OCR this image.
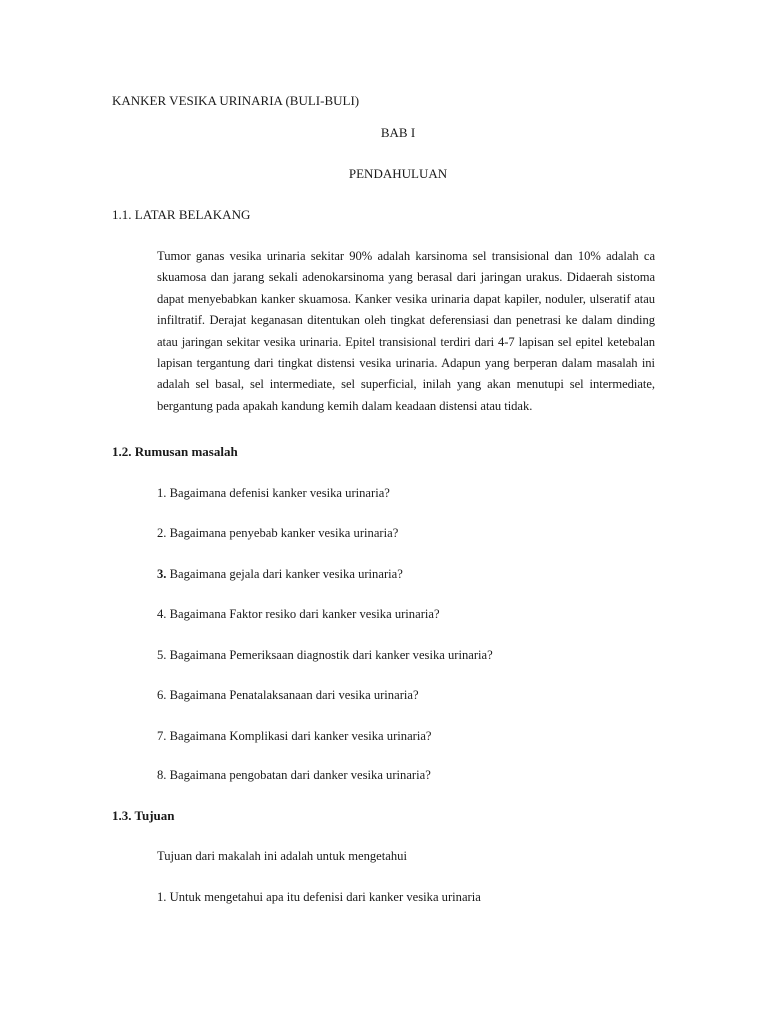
KANKER VESIKA URINARIA (BULI-BULI)

BAB I

PENDAHULUAN

1.1. LATAR BELAKANG

Tumor ganas vesika urinaria sekitar 90% adalah karsinoma sel transisional dan 10% adalah ca skuamosa dan jarang sekali adenokarsinoma yang berasal dari jaringan urakus. Didaerah sistoma dapat menyebabkan kanker skuamosa. Kanker vesika urinaria dapat kapiler, noduler, ulseratif atau infiltratif. Derajat keganasan ditentukan oleh tingkat deferensiasi dan penetrasi ke dalam dinding atau jaringan sekitar vesika urinaria. Epitel transisional terdiri dari 4-7 lapisan sel epitel ketebalan lapisan tergantung dari tingkat distensi vesika urinaria. Adapun yang berperan dalam masalah ini adalah sel basal, sel intermediate, sel superficial, inilah yang akan menutupi sel intermediate, bergantung pada apakah kandung kemih dalam keadaan distensi atau tidak.

1.2. Rumusan masalah

1. Bagaimana defenisi kanker vesika urinaria?

2. Bagaimana penyebab kanker vesika urinaria?

3. Bagaimana gejala dari kanker vesika urinaria?

4. Bagaimana Faktor resiko dari kanker vesika urinaria?

5. Bagaimana Pemeriksaan diagnostik dari kanker vesika urinaria?

6. Bagaimana Penatalaksanaan dari vesika urinaria?

7. Bagaimana Komplikasi dari kanker vesika urinaria?

8. Bagaimana pengobatan dari danker vesika urinaria?

1.3. Tujuan

Tujuan dari makalah ini adalah untuk mengetahui

1. Untuk mengetahui apa itu defenisi dari kanker vesika urinaria
